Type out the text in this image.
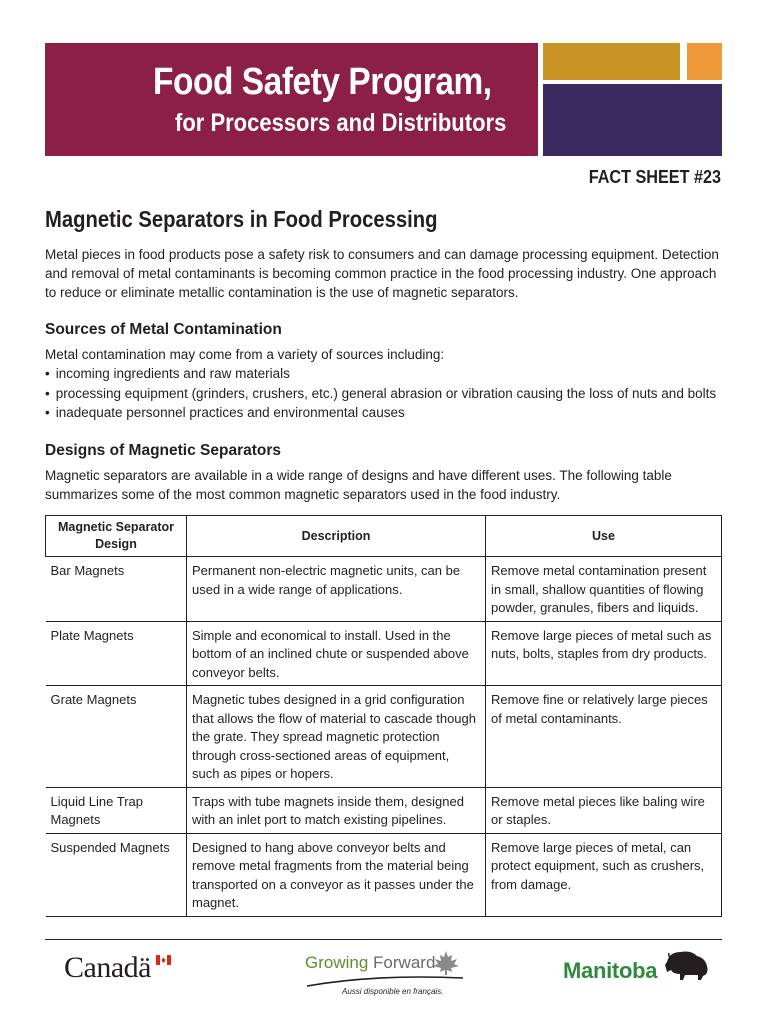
Food Safety Program,
for Processors and Distributors
FACT SHEET #23
Magnetic Separators in Food Processing
Metal pieces in food products pose a safety risk to consumers and can damage processing equipment. Detection
and removal of metal contaminants is becoming common practice in the food processing industry. One approach
to reduce or eliminate metallic contamination is the use of magnetic separators.
Sources of Metal Contamination
Metal contamination may come from a variety of sources including:
• incoming ingredients and raw materials
• processing equipment (grinders, crushers, etc.) general abrasion or vibration causing the loss of nuts and bolts
• inadequate personnel practices and environmental causes
Designs of Magnetic Separators
Magnetic separators are available in a wide range of designs and have different uses. The following table
summarizes some of the most common magnetic separators used in the food industry.
Magnetic Separator Design	Description	Use
Bar Magnets	Permanent non-electric magnetic units, can be used in a wide range of applications.	Remove metal contamination present in small, shallow quantities of flowing powder, granules, fibers and liquids.
Plate Magnets	Simple and economical to install. Used in the bottom of an inclined chute or suspended above conveyor belts.	Remove large pieces of metal such as nuts, bolts, staples from dry products.
Grate Magnets	Magnetic tubes designed in a grid configuration that allows the flow of material to cascade though the grate. They spread magnetic protection through cross-sectioned areas of equipment, such as pipes or hopers.	Remove fine or relatively large pieces of metal contaminants.
Liquid Line Trap Magnets	Traps with tube magnets inside them, designed with an inlet port to match existing pipelines.	Remove metal pieces like baling wire or staples.
Suspended Magnets	Designed to hang above conveyor belts and remove metal fragments from the material being transported on a conveyor as it passes under the magnet.	Remove large pieces of metal, can protect equipment, such as crushers, from damage.
Canadä	Growing Forward
Aussi disponible en français.
Manitoba
